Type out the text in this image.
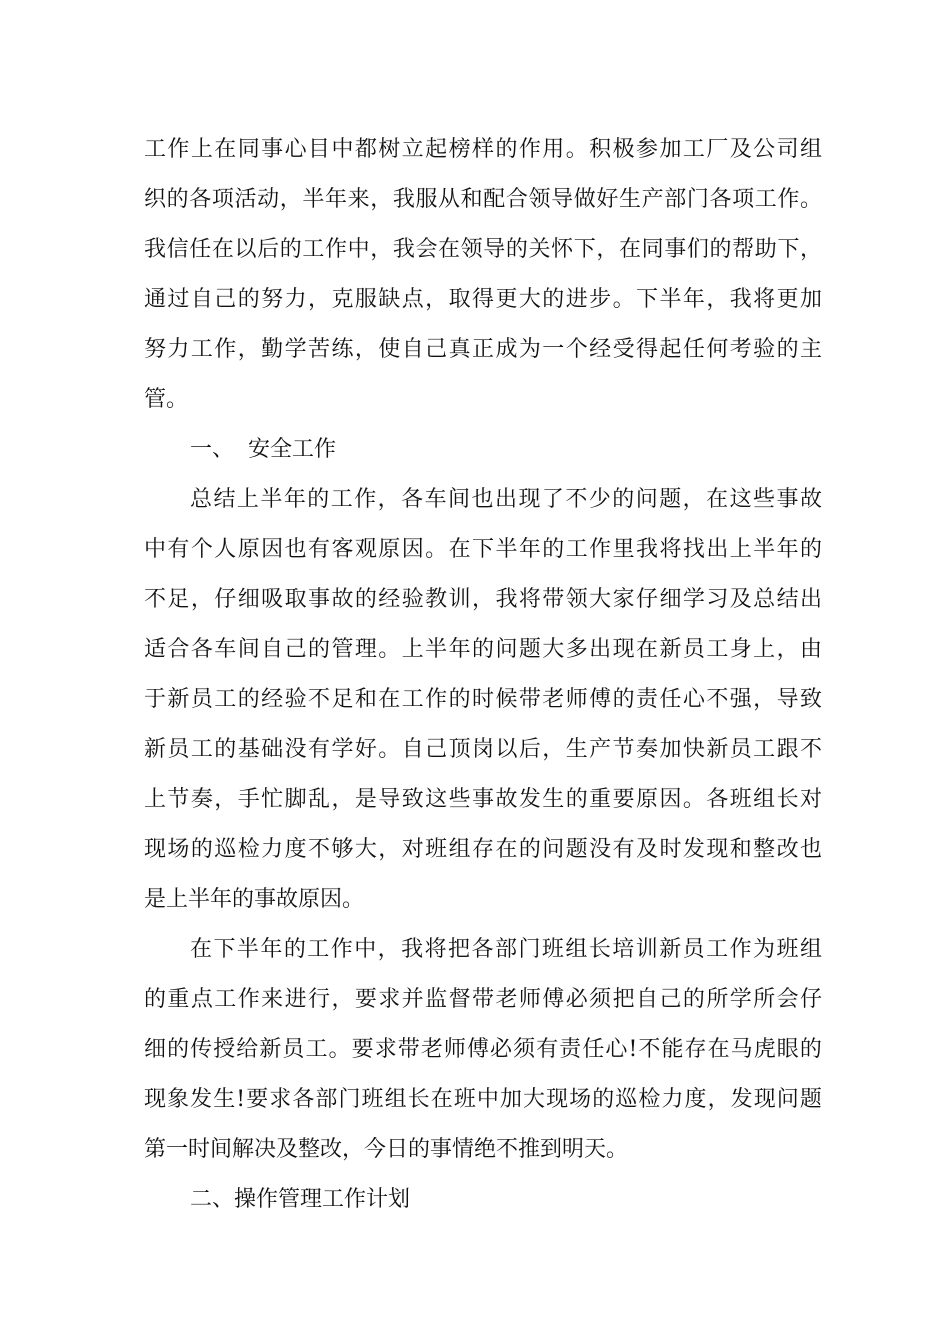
工作上在同事心目中都树立起榜样的作用。积极参加工厂及公司组

织的各项活动，半年来，我服从和配合领导做好生产部门各项工作。

我信任在以后的工作中，我会在领导的关怀下，在同事们的帮助下，

通过自己的努力，克服缺点，取得更大的进步。下半年，我将更加

努力工作，勤学苦练，使自己真正成为一个经受得起任何考验的主

管。

一、  安全工作

总结上半年的工作，各车间也出现了不少的问题，在这些事故

中有个人原因也有客观原因。在下半年的工作里我将找出上半年的

不足，仔细吸取事故的经验教训，我将带领大家仔细学习及总结出

适合各车间自己的管理。上半年的问题大多出现在新员工身上，由

于新员工的经验不足和在工作的时候带老师傅的责任心不强，导致

新员工的基础没有学好。自己顶岗以后，生产节奏加快新员工跟不

上节奏，手忙脚乱，是导致这些事故发生的重要原因。各班组长对

现场的巡检力度不够大，对班组存在的问题没有及时发现和整改也

是上半年的事故原因。

在下半年的工作中，我将把各部门班组长培训新员工作为班组

的重点工作来进行，要求并监督带老师傅必须把自己的所学所会仔

细的传授给新员工。要求带老师傅必须有责任心!不能存在马虎眼的

现象发生!要求各部门班组长在班中加大现场的巡检力度，发现问题

第一时间解决及整改，今日的事情绝不推到明天。

二、操作管理工作计划
